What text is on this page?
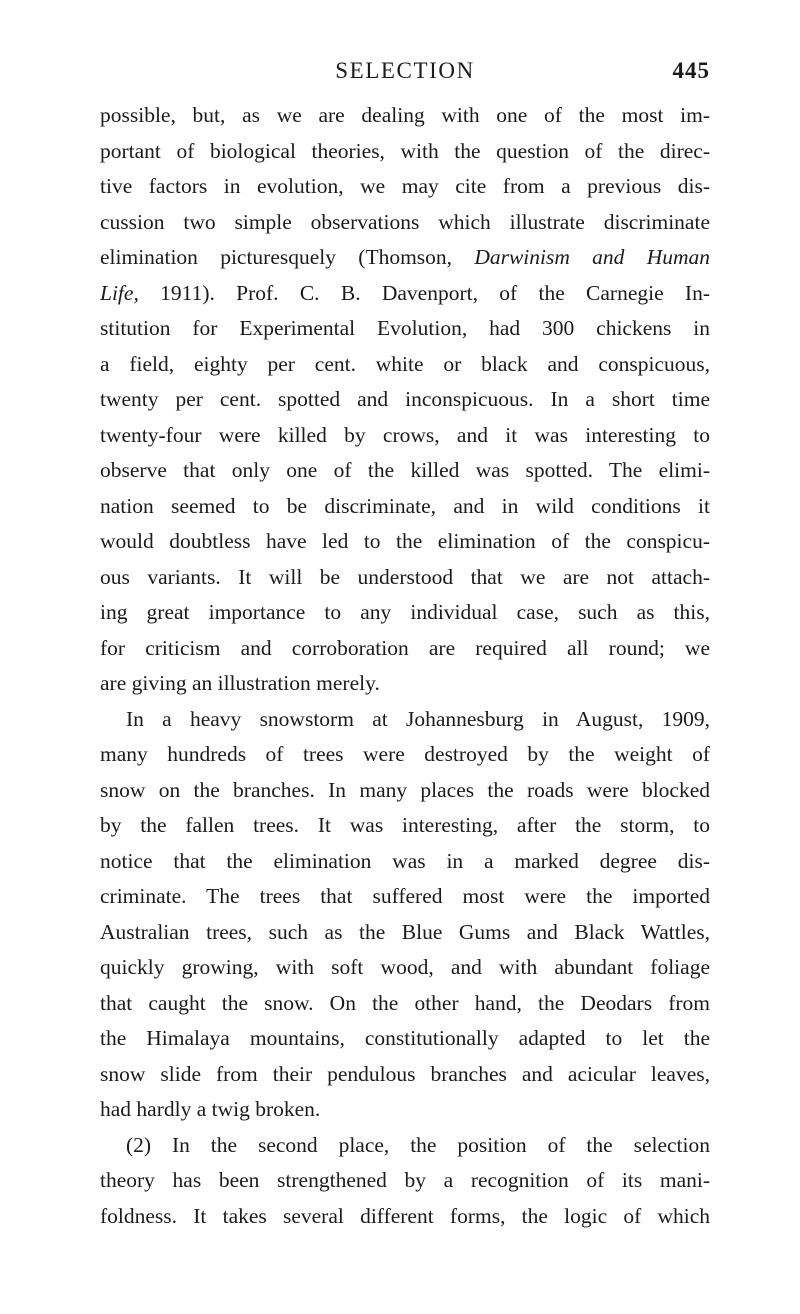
SELECTION	445
possible, but, as we are dealing with one of the most im-
portant of biological theories, with the question of the direc-
tive factors in evolution, we may cite from a previous dis-
cussion two simple observations which illustrate discriminate
elimination picturesquely (Thomson, Darwinism and Human
Life, 1911). Prof. C. B. Davenport, of the Carnegie In-
stitution for Experimental Evolution, had 300 chickens in
a field, eighty per cent. white or black and conspicuous,
twenty per cent. spotted and inconspicuous. In a short time
twenty-four were killed by crows, and it was interesting to
observe that only one of the killed was spotted. The elimi-
nation seemed to be discriminate, and in wild conditions it
would doubtless have led to the elimination of the conspicu-
ous variants. It will be understood that we are not attach-
ing great importance to any individual case, such as this,
for criticism and corroboration are required all round; we
are giving an illustration merely.
In a heavy snowstorm at Johannesburg in August, 1909,
many hundreds of trees were destroyed by the weight of
snow on the branches. In many places the roads were blocked
by the fallen trees. It was interesting, after the storm, to
notice that the elimination was in a marked degree dis-
criminate. The trees that suffered most were the imported
Australian trees, such as the Blue Gums and Black Wattles,
quickly growing, with soft wood, and with abundant foliage
that caught the snow. On the other hand, the Deodars from
the Himalaya mountains, constitutionally adapted to let the
snow slide from their pendulous branches and acicular leaves,
had hardly a twig broken.
(2) In the second place, the position of the selection
theory has been strengthened by a recognition of its mani-
foldness. It takes several different forms, the logic of which
